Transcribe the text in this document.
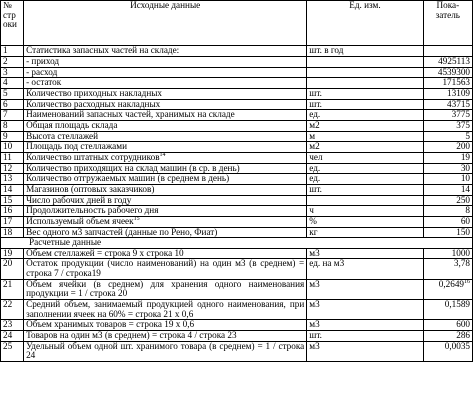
№
стр
оки	Исходные данные	Ед. изм.	Пока-
затель
1	Статистика запасных частей на складе:	шт. в год	
2	- приход		4925113
3	- расход		4539300
4	- остаток		171563
5	Количество приходных накладных	шт.	13109
6	Количество расходных накладных	шт.	43715
7	Наименований запасных частей, хранимых на складе	ед.	3775
8	Общая площадь склада	м2	375
9	Высота стеллажей	м	5
10	Площадь под стеллажами	м2	200
11	Количество штатных сотрудников$^{14}$	чел	19
12	Количество приходящих на склад машин (в ср. в день)	ед.	30
13	Количество отгружаемых машин (в среднем в день)	ед.	10
14	Магазинов (оптовых заказчиков)	шт.	14
15	Число рабочих дней в году		250
16	Продолжительность рабочего дня	ч	8
17	Используемый объем ячеек$^{15}$	%	60
18	Вес одного м3 запчастей (данные по Рено, Фиат)	кг	150
Расчетные данные			
19	Объем стеллажей = строка 9 х строка 10	м3	1000
20	Остаток продукции (число наименований) на один м3 (в среднем) = строка 7 / строка19	ед. на м3	3,78
21	Объем ячейки (в среднем) для хранения одного наименования продукции = 1 / строка 20	м3	0,2649$^{16}$
22	Средний объем, занимаемый продукцией одного наименования, при заполнении ячеек на 60% = строка 21 х 0,6	м3	0,1589
23	Объем хранимых товаров = строка 19 х 0,6	м3	600
24	Товаров на один м3 (в среднем) = строка 4 / строка 23	шт.	286
25	Удельный объем одной шт. хранимого товара (в среднем) = 1 / строка 24	м3	0,0035
